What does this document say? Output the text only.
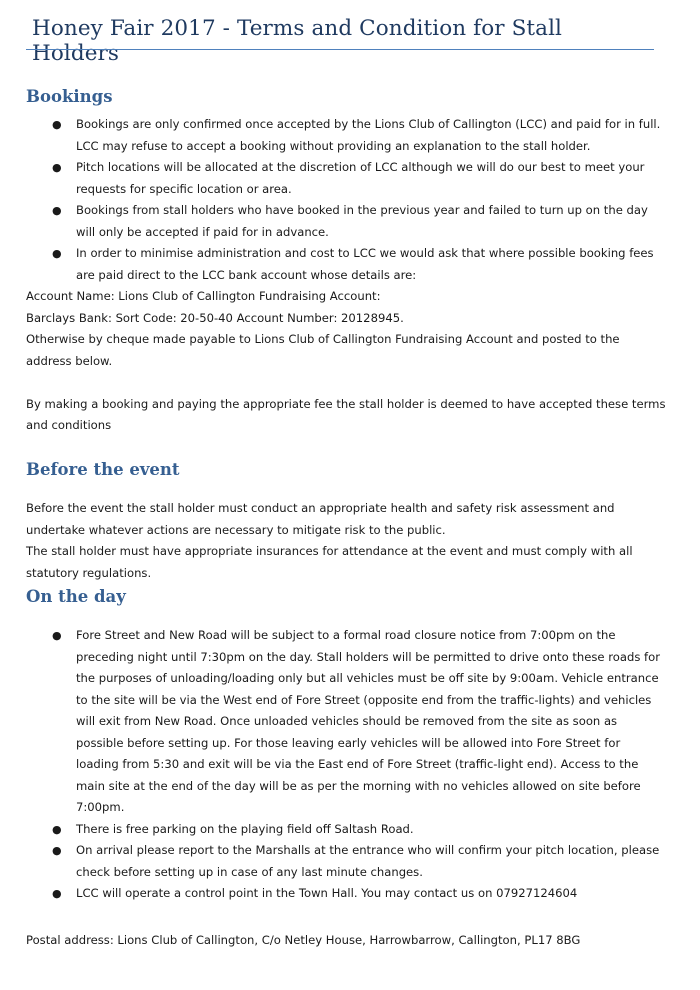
Honey Fair 2017 - Terms and Condition for Stall Holders
Bookings
● Bookings are only confirmed once accepted by the Lions Club of Callington (LCC) and paid for in full. LCC may refuse to accept a booking without providing an explanation to the stall holder.
● Pitch locations will be allocated at the discretion of LCC although we will do our best to meet your requests for specific location or area.
● Bookings from stall holders who have booked in the previous year and failed to turn up on the day will only be accepted if paid for in advance.
● In order to minimise administration and cost to LCC we would ask that where possible booking fees are paid direct to the LCC bank account whose details are:

Account Name: Lions Club of Callington Fundraising Account:

Barclays Bank: Sort Code: 20-50-40 Account Number: 20128945.

Otherwise by cheque made payable to Lions Club of Callington Fundraising Account and posted to the address below.

By making a booking and paying the appropriate fee the stall holder is deemed to have accepted these terms and conditions

Before the event

Before the event the stall holder must conduct an appropriate health and safety risk assessment and undertake whatever actions are necessary to mitigate risk to the public.

The stall holder must have appropriate insurances for attendance at the event and must comply with all statutory regulations.

On the day
● Fore Street and New Road will be subject to a formal road closure notice from 7:00pm on the preceding night until 7:30pm on the day. Stall holders will be permitted to drive onto these roads for the purposes of unloading/loading only but all vehicles must be off site by 9:00am. Vehicle entrance to the site will be via the West end of Fore Street (opposite end from the traffic-lights) and vehicles will exit from New Road. Once unloaded vehicles should be removed from the site as soon as possible before setting up. For those leaving early vehicles will be allowed into Fore Street for loading from 5:30 and exit will be via the East end of Fore Street (traffic-light end). Access to the main site at the end of the day will be as per the morning with no vehicles allowed on site before 7:00pm.
● There is free parking on the playing field off Saltash Road.
● On arrival please report to the Marshalls at the entrance who will confirm your pitch location, please check before setting up in case of any last minute changes.
● LCC will operate a control point in the Town Hall. You may contact us on 07927124604
Postal address: Lions Club of Callington, C/o Netley House, Harrowbarrow, Callington, PL17 8BG
